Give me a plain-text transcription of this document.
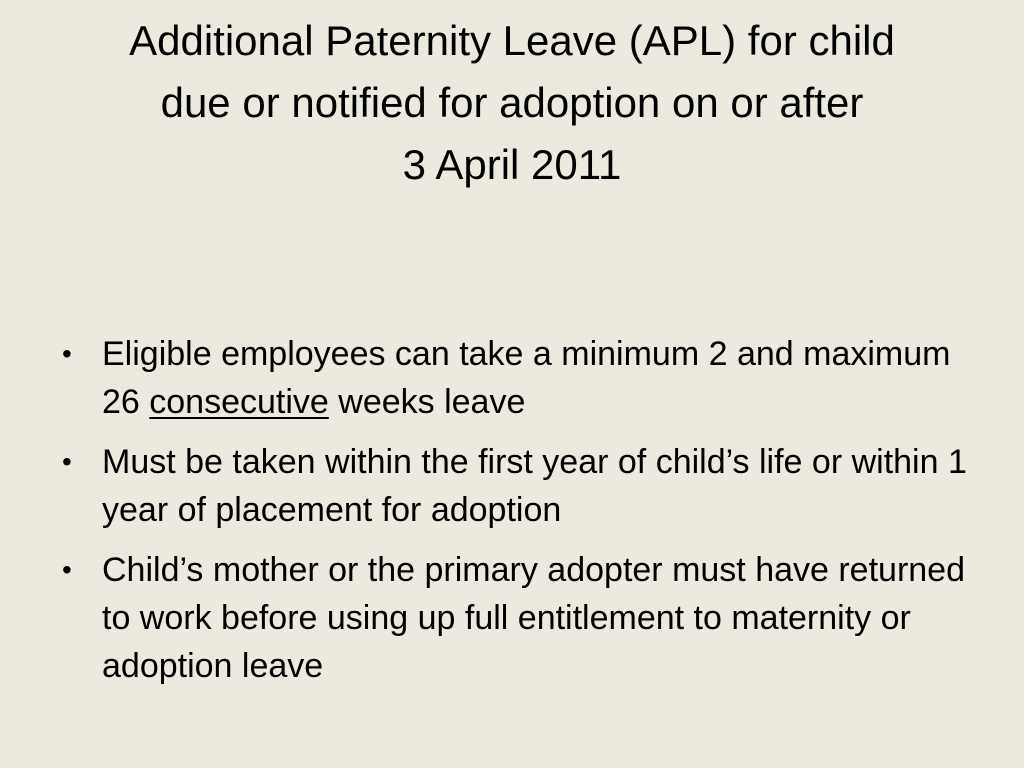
Additional Paternity Leave (APL) for child
due or notified for adoption on or after
3 April 2011
• Eligible employees can take a minimum 2 and maximum 26 consecutive weeks leave
• Must be taken within the first year of child’s life or within 1 year of placement for adoption
• Child’s mother or the primary adopter must have returned to work before using up full entitlement to maternity or adoption leave
